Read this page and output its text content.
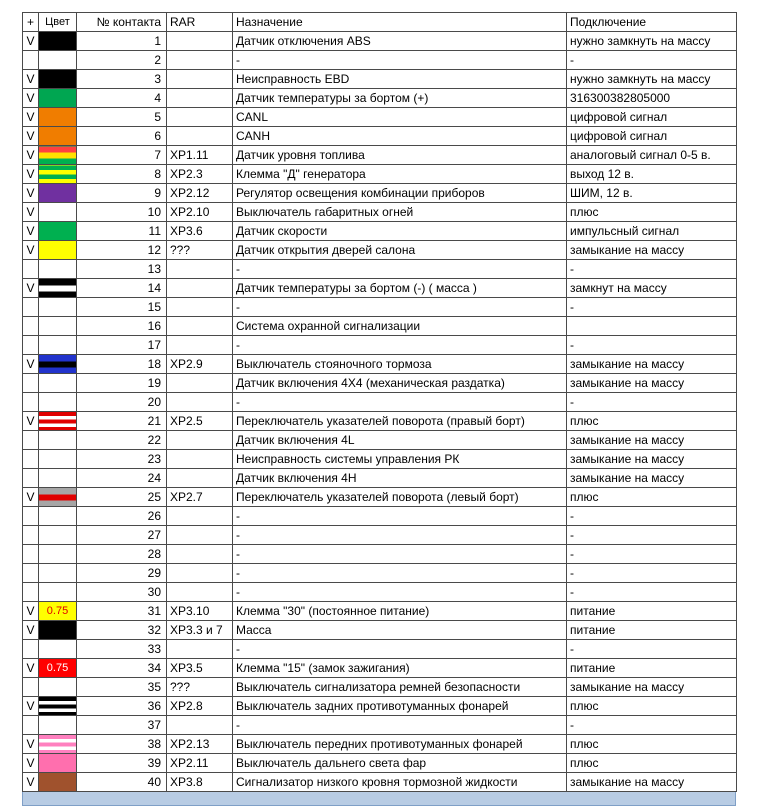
+	Цвет	№ контакта	RAR	Назначение	Подключение
V		1		Датчик отключения ABS	нужно замкнуть на массу
		2		-	-
V		3		Неисправность EBD	нужно замкнуть на массу
V		4		Датчик температуры за бортом (+)	316300382805000
V		5		CANL	цифровой сигнал
V		6		CANH	цифровой сигнал
V		7	XP1.11	Датчик уровня топлива	аналоговый сигнал 0-5 в.
V		8	XP2.3	Клемма "Д" генератора	выход 12 в.
V		9	XP2.12	Регулятор освещения комбинации приборов	ШИМ, 12 в.
V		10	XP2.10	Выключатель габаритных огней	плюс
V		11	XP3.6	Датчик скорости	импульсный сигнал
V		12	???	Датчик открытия дверей салона	замыкание на массу
		13		-	-
V		14		Датчик температуры за бортом (-) ( масса )	замкнут на массу
		15		-	-
		16		Система охранной сигнализации	
		17		-	-
V		18	XP2.9	Выключатель стояночного тормоза	замыкание на массу
		19		Датчик включения 4X4 (механическая раздатка)	замыкание на массу
		20		-	-
V		21	XP2.5	Переключатель указателей поворота (правый борт)	плюс
		22		Датчик включения 4L	замыкание на массу
		23		Неисправность системы управления РК	замыкание на массу
		24		Датчик включения 4H	замыкание на массу
V		25	XP2.7	Переключатель указателей поворота (левый борт)	плюс
		26		-	-
		27		-	-
		28		-	-
		29		-	-
		30		-	-
V	0.75	31	XP3.10	Клемма "30" (постоянное питание)	питание
V		32	XP3.3 и 7	Масса	питание
		33		-	-
V	0.75	34	XP3.5	Клемма "15" (замок зажигания)	питание
		35	???	Выключатель сигнализатора ремней безопасности	замыкание на массу
V		36	XP2.8	Выключатель задних противотуманных фонарей	плюс
		37		-	-
V		38	XP2.13	Выключатель передних противотуманных фонарей	плюс
V		39	XP2.11	Выключатель дальнего света фар	плюс
V		40	XP3.8	Сигнализатор низкого кровня тормозной жидкости	замыкание на массу
